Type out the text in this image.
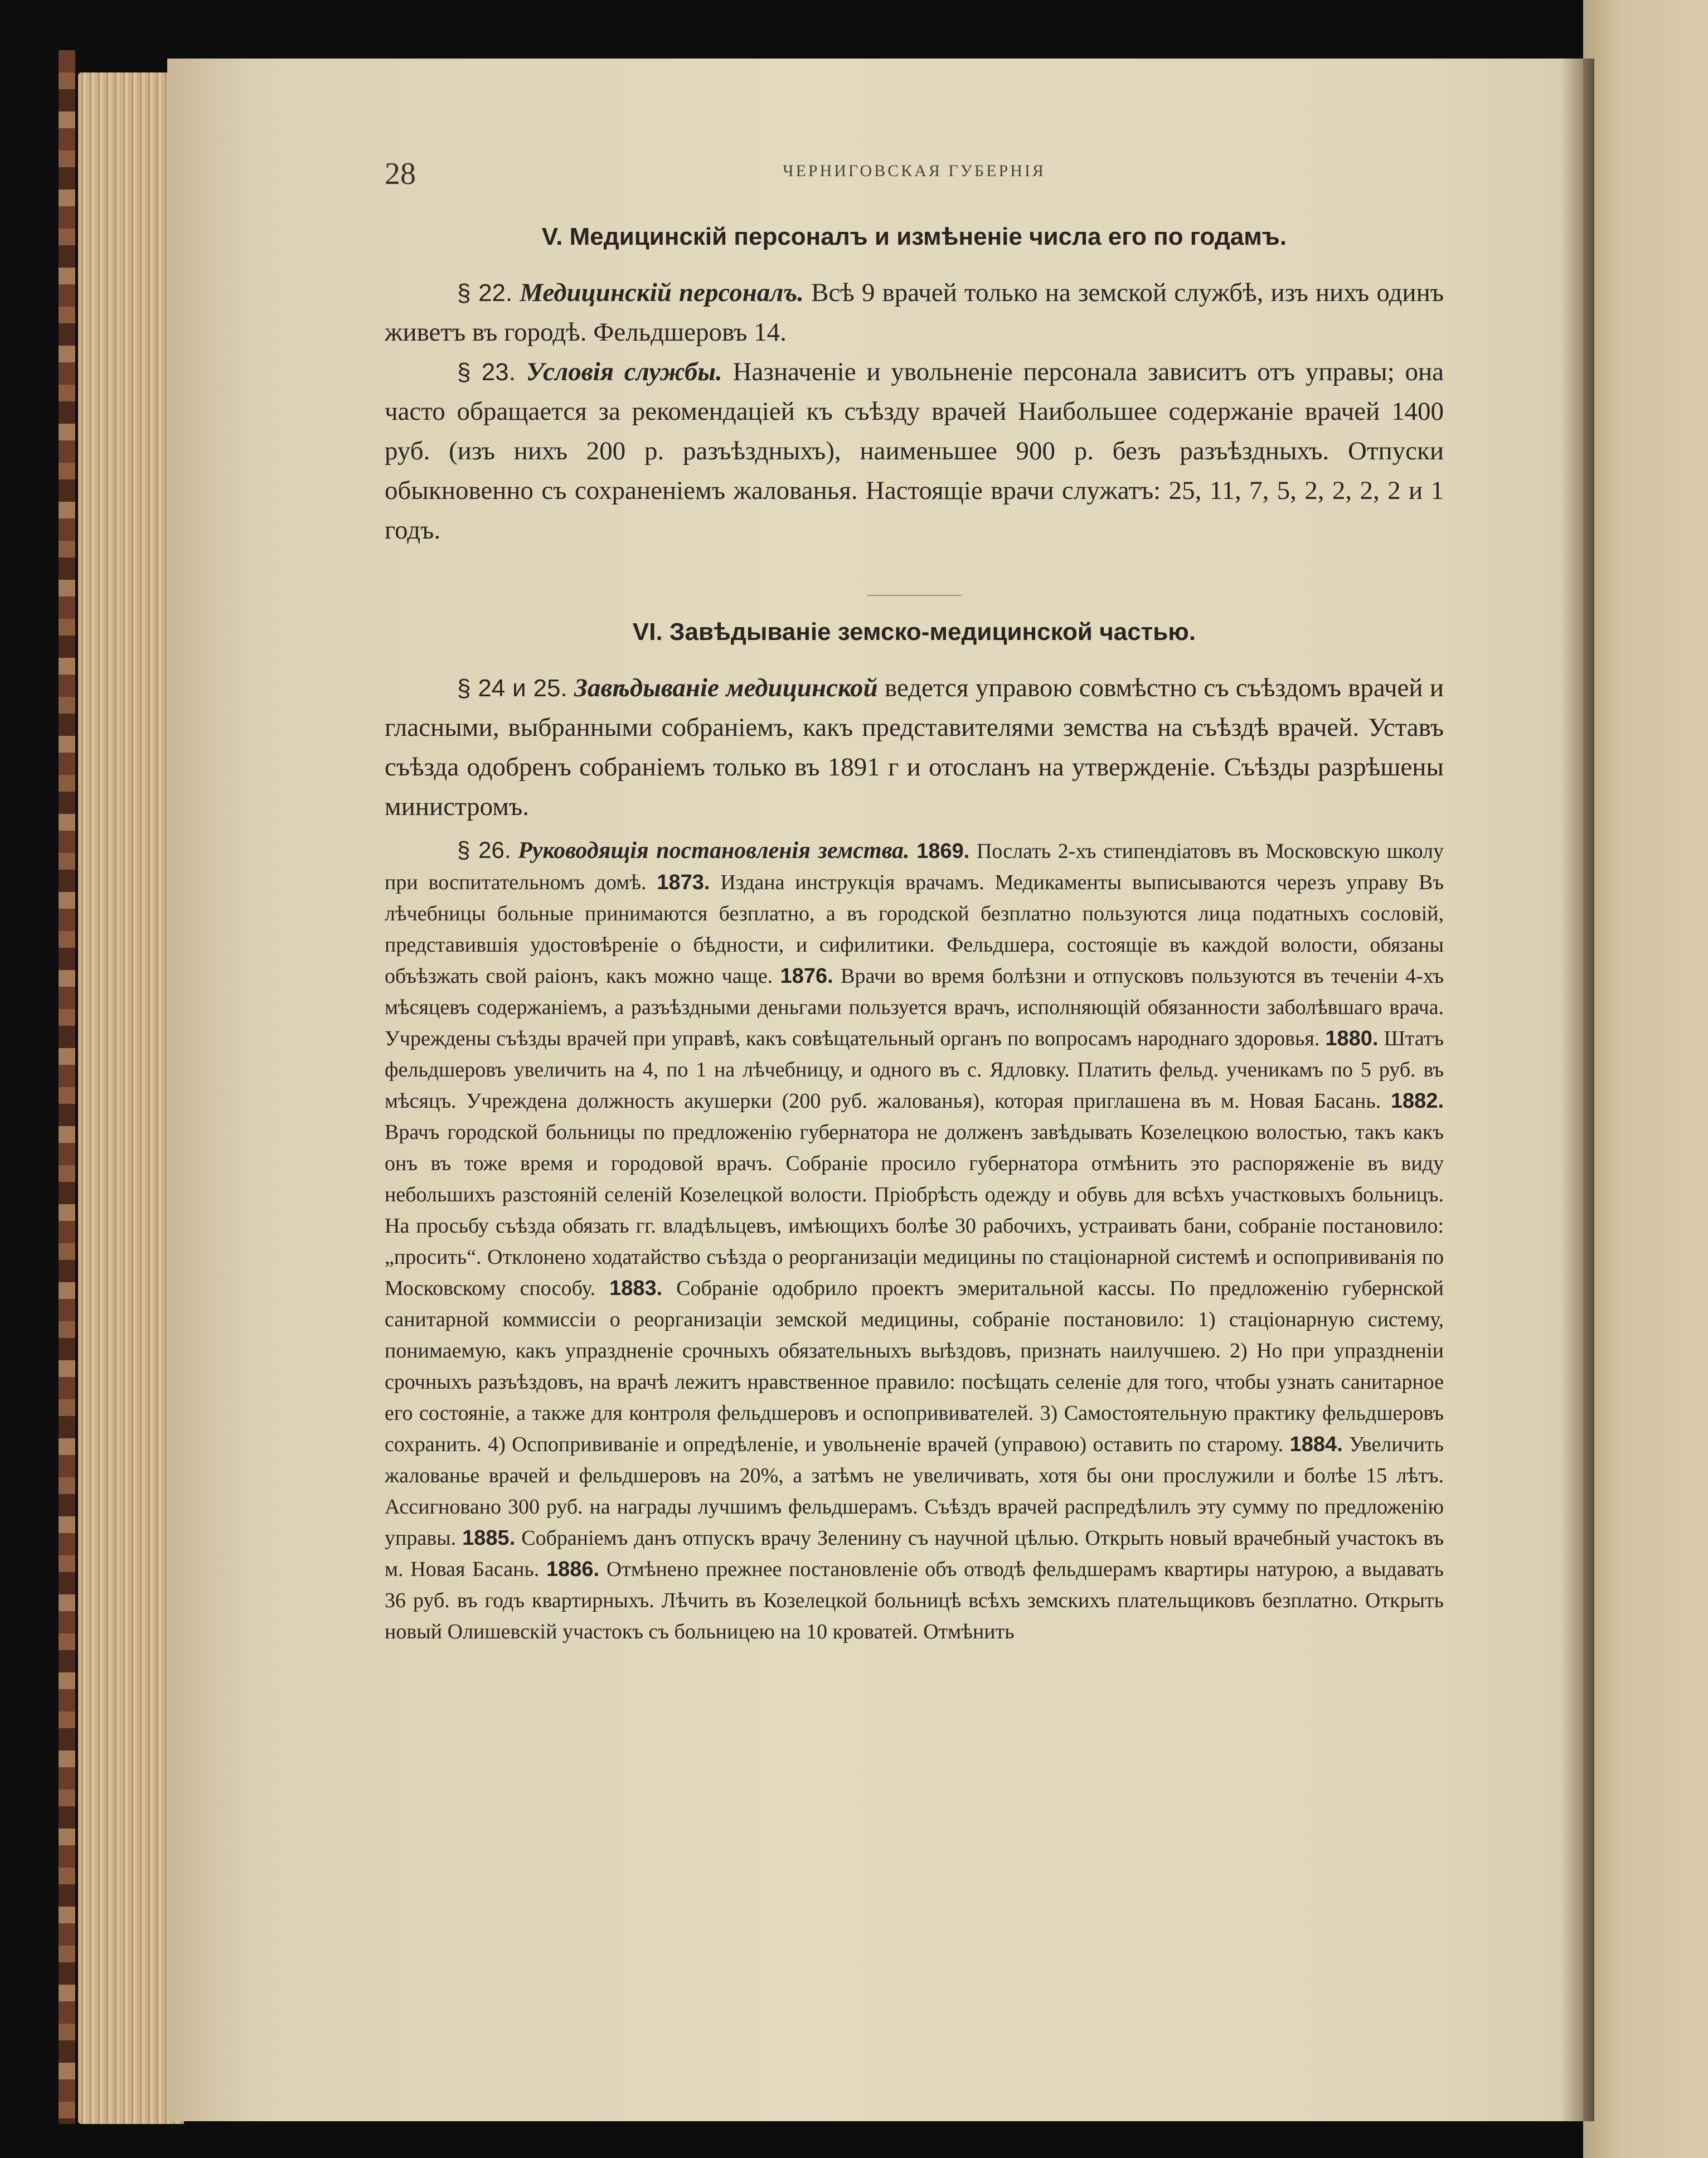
28	ЧЕРНИГОВСКАЯ ГУБЕРНIЯ
V. Медицинскiй персоналъ и измѣненiе числа его по годамъ.

§ 22. Медицинскiй персоналъ. Всѣ 9 врачей только на земской службѣ, изъ нихъ одинъ живетъ въ городѣ. Фельдшеровъ 14.

§ 23. Условiя службы. Назначенiе и увольненiе персонала зависитъ отъ управы; она часто обращается за рекомендацiей къ съѣзду врачей Наибольшее содержанiе врачей 1400 руб. (изъ нихъ 200 р. разъѣздныхъ), наименьшее 900 р. безъ разъѣздныхъ. Отпуски обыкновенно съ сохраненiемъ жалованья. Настоящiе врачи служатъ: 25, 11, 7, 5, 2, 2, 2, 2 и 1 годъ.

VI. Завѣдыванiе земско-медицинской частью.

§ 24 и 25. Завѣдыванiе медицинской ведется управою совмѣстно съ съѣздомъ врачей и гласными, выбранными собранiемъ, какъ представителями земства на съѣздѣ врачей. Уставъ съѣзда одобренъ собранiемъ только въ 1891 г и отосланъ на утвержденiе. Съѣзды разрѣшены министромъ.

§ 26. Руководящiя постановленiя земства. 1869. Послать 2-хъ стипендiатовъ въ Московскую школу при воспитательномъ домѣ. 1873. Издана инструкцiя врачамъ. Медикаменты выписываются черезъ управу Въ лѣчебницы больные принимаются безплатно, а въ городской безплатно пользуются лица податныхъ сословiй, представившiя удостовѣренiе о бѣдности, и сифилитики. Фельдшера, состоящiе въ каждой волости, обязаны объѣзжать свой раiонъ, какъ можно чаще. 1876. Врачи во время болѣзни и отпусковъ пользуются въ теченiи 4-хъ мѣсяцевъ содержанiемъ, а разъѣздными деньгами пользуется врачъ, исполняющiй обязанности заболѣвшаго врача. Учреждены съѣзды врачей при управѣ, какъ совѣщательный органъ по вопросамъ народнаго здоровья. 1880. Штатъ фельдшеровъ увеличить на 4, по 1 на лѣчебницу, и одного въ с. Ядловку. Платить фельд. ученикамъ по 5 руб. въ мѣсяцъ. Учреждена должность акушерки (200 руб. жалованья), которая приглашена въ м. Новая Басань. 1882. Врачъ городской больницы по предложенiю губернатора не долженъ завѣдывать Козелецкою волостью, такъ какъ онъ въ тоже время и городовой врачъ. Собранiе просило губернатора отмѣнить это распоряженiе въ виду небольшихъ разстоянiй селенiй Козелецкой волости. Прiобрѣсть одежду и обувь для всѣхъ участковыхъ больницъ. На просьбу съѣзда обязать гг. владѣльцевъ, имѣющихъ болѣе 30 рабочихъ, устраивать бани, собранiе постановило: „просить“. Отклонено ходатайство съѣзда о реорганизацiи медицины по стацiонарной системѣ и оспопрививанiя по Московскому способу. 1883. Собранiе одобрило проектъ эмеритальной кассы. По предложенiю губернской санитарной коммиссiи о реорганизацiи земской медицины, собранiе постановило: 1) стацiонарную систему, понимаемую, какъ упраздненiе срочныхъ обязательныхъ выѣздовъ, признать наилучшею. 2) Но при упраздненiи срочныхъ разъѣздовъ, на врачѣ лежитъ нравственное правило: посѣщать селенiе для того, чтобы узнать санитарное его состоянiе, а также для контроля фельдшеровъ и оспопрививателей. 3) Самостоятельную практику фельдшеровъ сохранить. 4) Оспопрививанiе и опредѣленiе, и увольненiе врачей (управою) оставить по старому. 1884. Увеличить жалованье врачей и фельдшеровъ на 20%, а затѣмъ не увеличивать, хотя бы они прослужили и болѣе 15 лѣтъ. Ассигновано 300 руб. на награды лучшимъ фельдшерамъ. Съѣздъ врачей распредѣлилъ эту сумму по предложенiю управы. 1885. Собранiемъ данъ отпускъ врачу Зеленину съ научной цѣлью. Открыть новый врачебный участокъ въ м. Новая Басань. 1886. Отмѣнено прежнее постановленiе объ отводѣ фельдшерамъ квартиры натурою, а выдавать 36 руб. въ годъ квартирныхъ. Лѣчить въ Козелецкой больницѣ всѣхъ земскихъ плательщиковъ безплатно. Открыть новый Олишевскiй участокъ съ больницею на 10 кроватей. Отмѣнить
